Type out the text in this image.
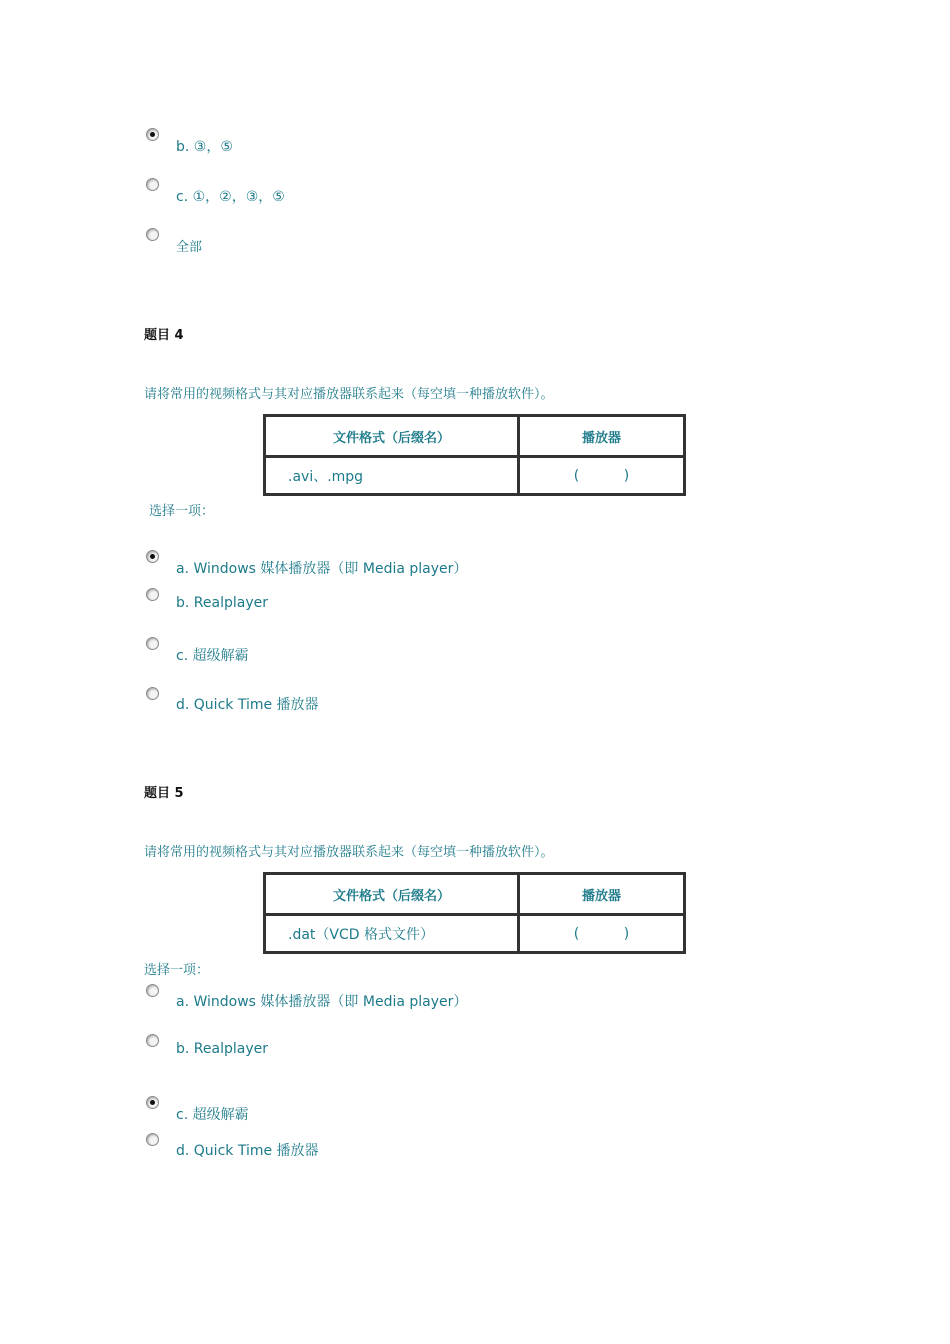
b. ③，⑤
c. ①，②，③，⑤
全部
题目 4
请将常用的视频格式与其对应播放器联系起来（每空填一种播放软件）。
文件格式（后缀名）	播放器
.avi、.mpg	(          )
选择一项：
a. Windows 媒体播放器（即 Media player）
b. Realplayer
c. 超级解霸
d. Quick Time 播放器
题目 5
请将常用的视频格式与其对应播放器联系起来（每空填一种播放软件）。
文件格式（后缀名）	播放器
.dat（VCD 格式文件）	(          )
选择一项：
a. Windows 媒体播放器（即 Media player）
b. Realplayer
c. 超级解霸
d. Quick Time 播放器
